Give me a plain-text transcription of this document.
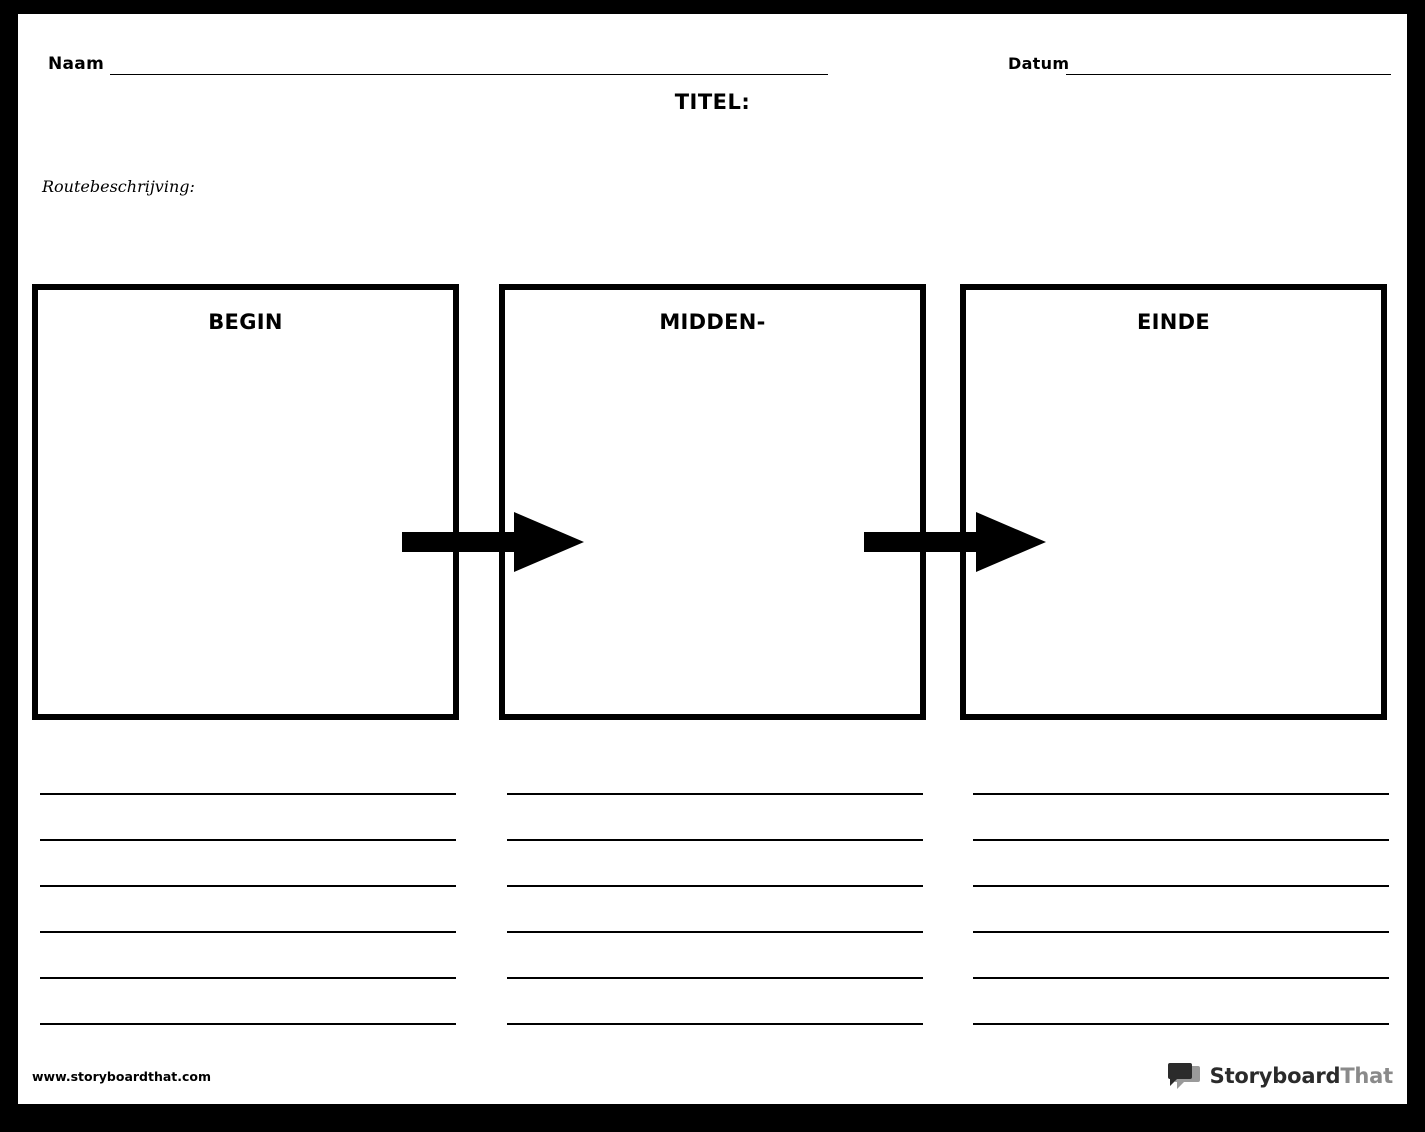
Naam	Datum
TITEL:
Routebeschrijving:
BEGIN	MIDDEN-	EINDE
www.storyboardthat.com	StoryboardThat
